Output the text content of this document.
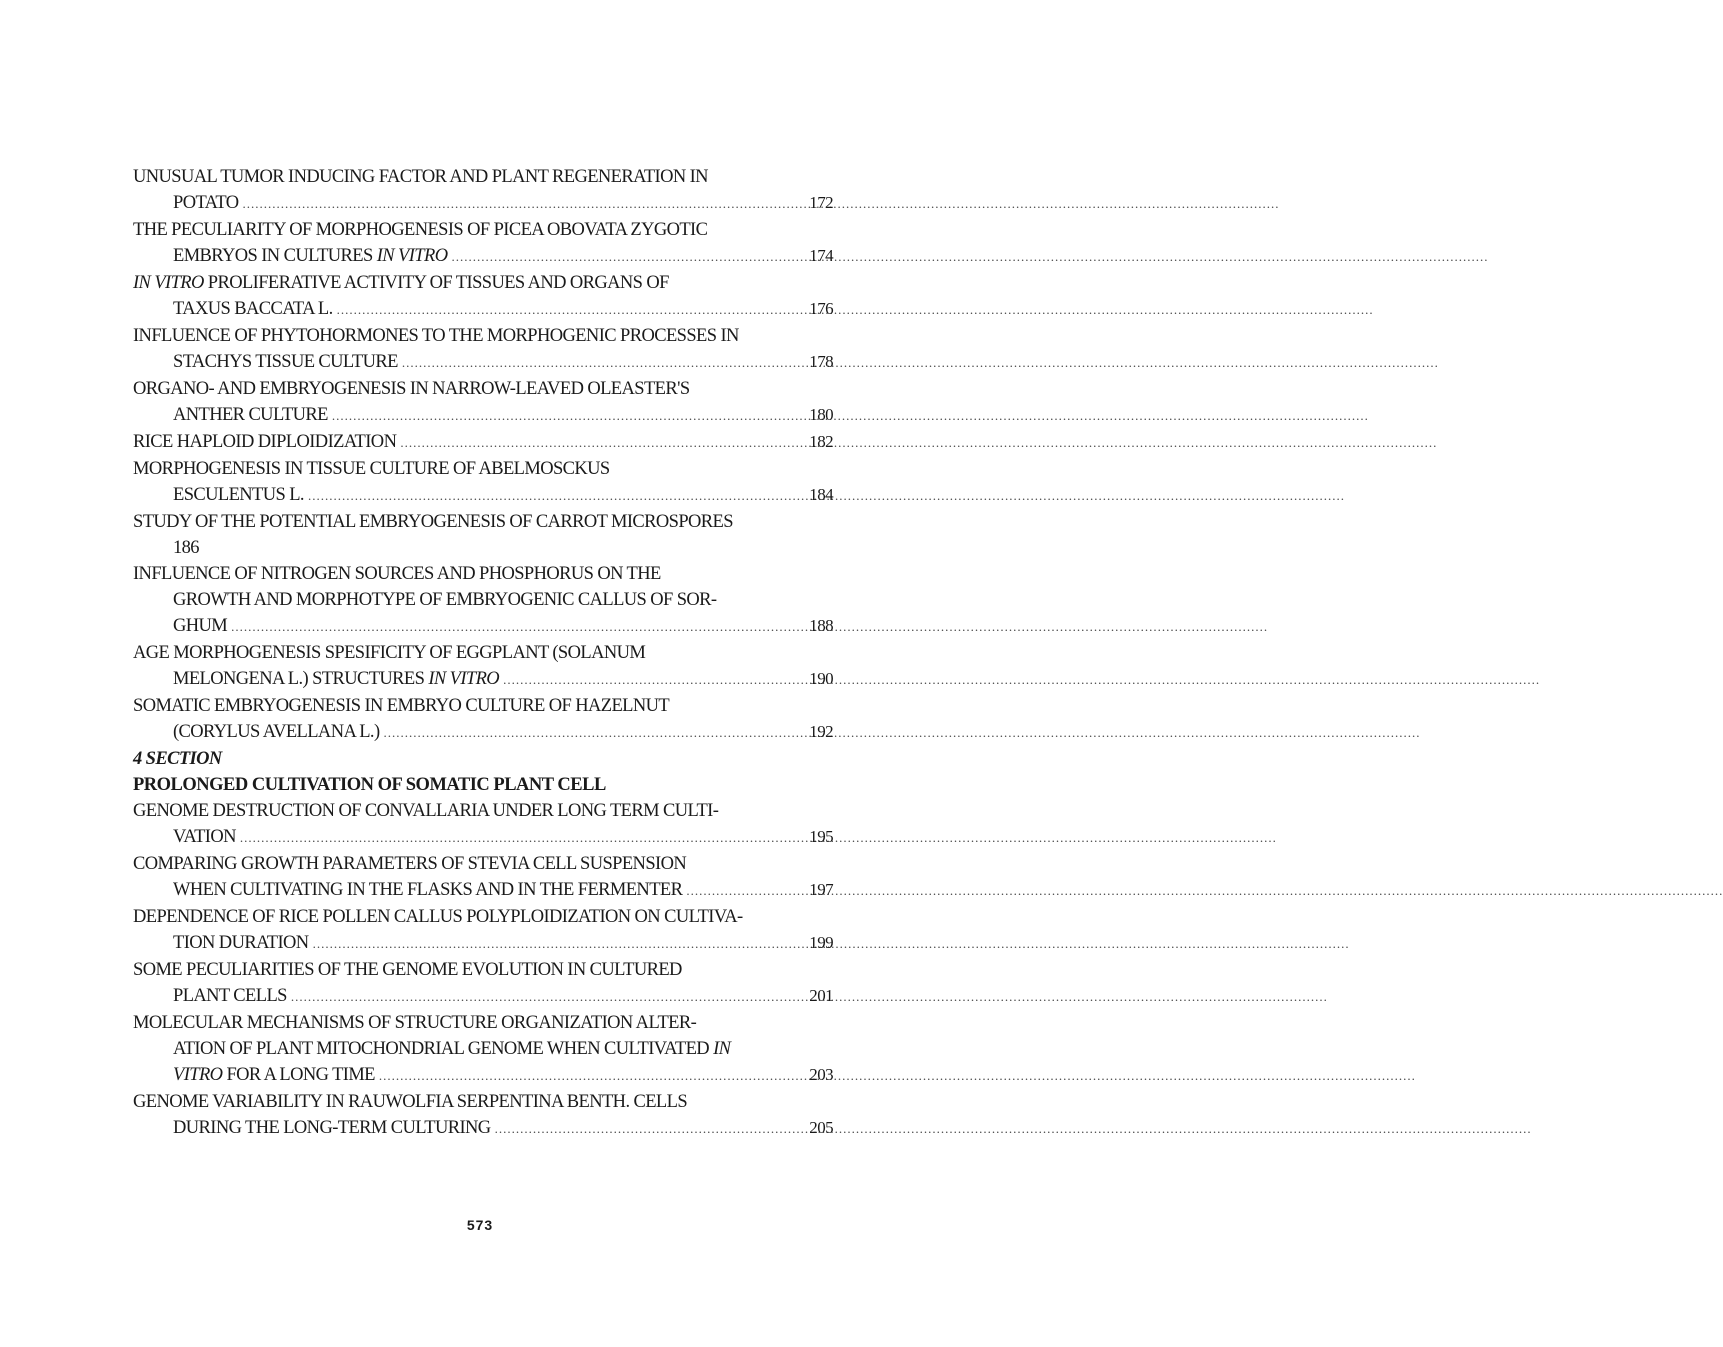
UNUSUAL TUMOR INDUCING FACTOR AND PLANT REGENERATION IN
POTATO .....	172
THE PECULIARITY OF MORPHOGENESIS OF PICEA OBOVATA ZYGOTIC
EMBRYOS IN CULTURES IN VITRO .....	174
IN VITRO PROLIFERATIVE ACTIVITY OF TISSUES AND ORGANS OF
TAXUS BACCATA L. .....	176
INFLUENCE OF PHYTOHORMONES TO THE MORPHOGENIC PROCESSES IN
STACHYS TISSUE CULTURE .....	178
ORGANO- AND EMBRYOGENESIS IN NARROW-LEAVED OLEASTER'S
ANTHER CULTURE .....	180
RICE HAPLOID DIPLOIDIZATION .....	182
MORPHOGENESIS IN TISSUE CULTURE OF ABELMOSCKUS
ESCULENTUS L. .....	184
STUDY OF THE POTENTIAL EMBRYOGENESIS OF CARROT MICROSPORES
186
INFLUENCE OF NITROGEN SOURCES AND PHOSPHORUS ON THE
GROWTH AND MORPHOTYPE OF EMBRYOGENIC CALLUS OF SOR-
GHUM .....	188
AGE MORPHOGENESIS SPESIFICITY OF EGGPLANT (SOLANUM
MELONGENA L.) STRUCTURES IN VITRO .....	190
SOMATIC EMBRYOGENESIS IN EMBRYO CULTURE OF HAZELNUT
(CORYLUS AVELLANA L.) .....	192
4 SECTION
PROLONGED CULTIVATION OF SOMATIC PLANT CELL
GENOME DESTRUCTION OF CONVALLARIA UNDER LONG TERM CULTI-
VATION .....	195
COMPARING GROWTH PARAMETERS OF STEVIA CELL SUSPENSION
WHEN CULTIVATING IN THE FLASKS AND IN THE FERMENTER .....	197
DEPENDENCE OF RICE POLLEN CALLUS POLYPLOIDIZATION ON CULTIVA-
TION DURATION .....	199
SOME PECULIARITIES OF THE GENOME EVOLUTION IN CULTURED
PLANT CELLS .....	201
MOLECULAR MECHANISMS OF STRUCTURE ORGANIZATION ALTER-
ATION OF PLANT MITOCHONDRIAL GENOME WHEN CULTIVATED IN
VITRO FOR A LONG TIME .....	203
GENOME VARIABILITY IN RAUWOLFIA SERPENTINA BENTH. CELLS
DURING THE LONG-TERM CULTURING .....	205
573
